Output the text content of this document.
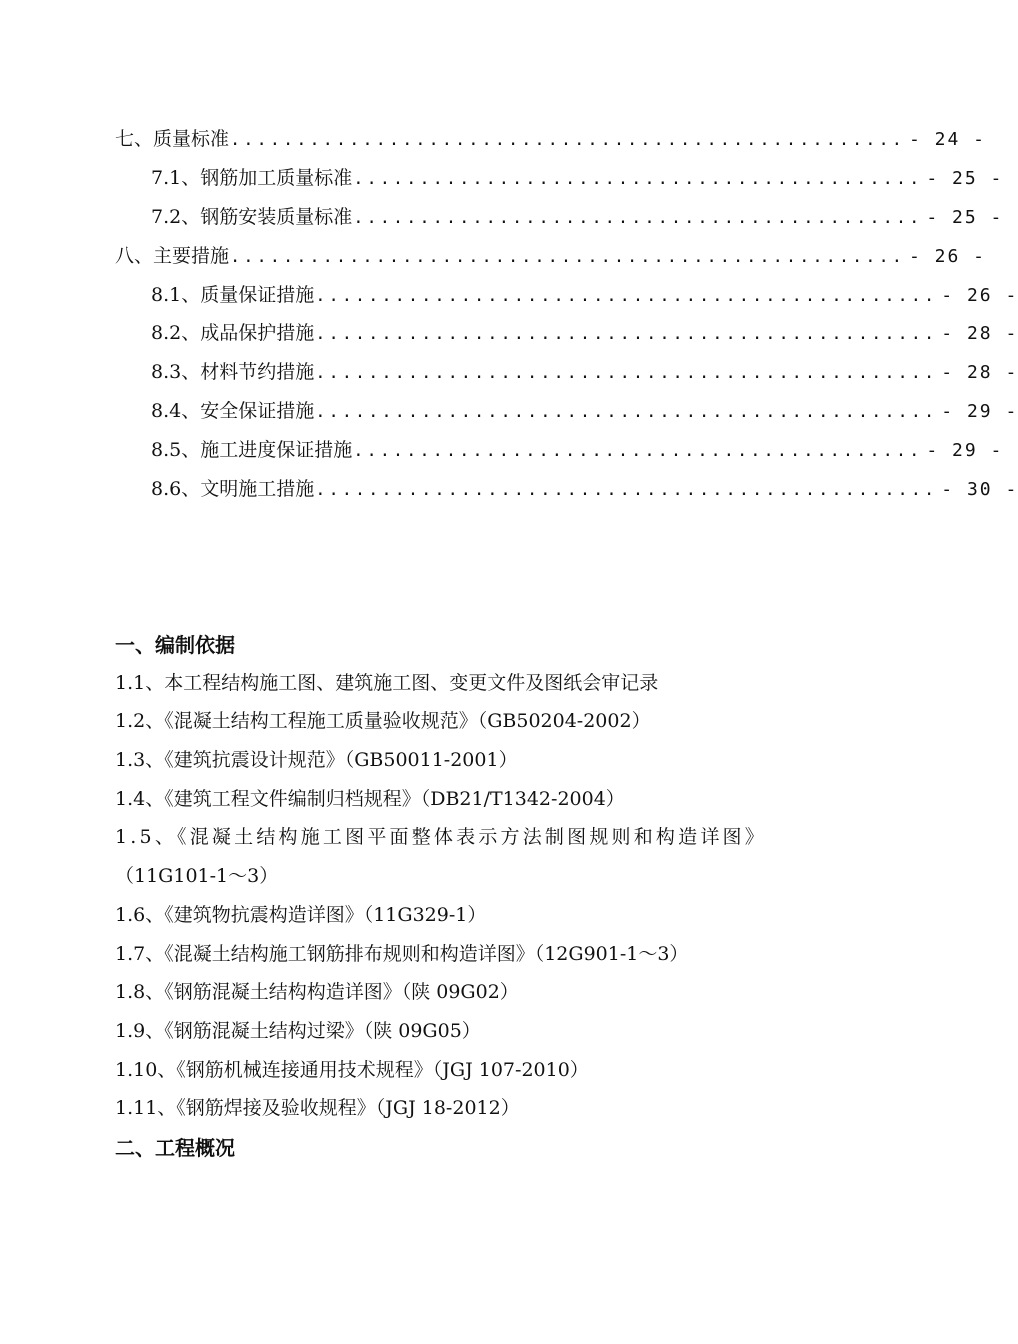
七、质量标准 ................................................... - 24 -
7.1、钢筋加工质量标准 ........................................... - 25 -
7.2、钢筋安装质量标准 ........................................... - 25 -
八、主要措施 ................................................... - 26 -
8.1、质量保证措施 ............................................... - 26 -
8.2、成品保护措施 ............................................... - 28 -
8.3、材料节约措施 ............................................... - 28 -
8.4、安全保证措施 ............................................... - 29 -
8.5、施工进度保证措施 ........................................... - 29 -
8.6、文明施工措施 ............................................... - 30 -
一、编制依据
1.1、本工程结构施工图、建筑施工图、变更文件及图纸会审记录
1.2、《混凝土结构工程施工质量验收规范》（GB50204-2002）
1.3、《建筑抗震设计规范》（GB50011-2001）
1.4、《建筑工程文件编制归档规程》（DB21/T1342-2004）
1.5、《混凝土结构施工图平面整体表示方法制图规则和构造详图》
（11G101-1～3）
1.6、《建筑物抗震构造详图》（11G329-1）
1.7、《混凝土结构施工钢筋排布规则和构造详图》（12G901-1～3）
1.8、《钢筋混凝土结构构造详图》（陕 09G02）
1.9、《钢筋混凝土结构过梁》（陕 09G05）
1.10、《钢筋机械连接通用技术规程》（JGJ 107-2010）
1.11、《钢筋焊接及验收规程》（JGJ 18-2012）
二、工程概况
